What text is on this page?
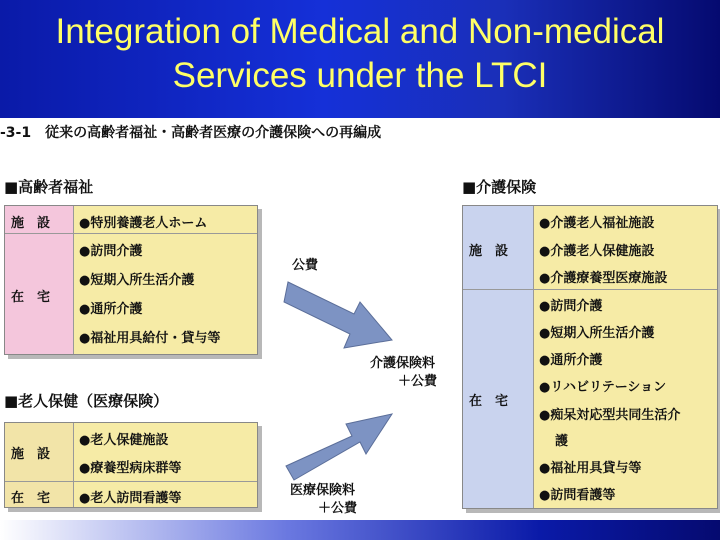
Integration of Medical and Non-medical
Services under the LTCI
-3-1　従来の高齢者福祉・高齢者医療の介護保険への再編成
■高齢者福祉
施　設
在　宅
●特別養護老人ホーム
●訪問介護
●短期入所生活介護
●通所介護
●福祉用具給付・貸与等
■老人保健（医療保険）
施　設
在　宅
●老人保健施設
●療養型病床群等
●老人訪問看護等
公費
介護保険料
＋公費
医療保険料
＋公費
■介護保険
施　設
在　宅
●介護老人福祉施設
●介護老人保健施設
●介護療養型医療施設
●訪問介護
●短期入所生活介護
●通所介護
●リハビリテーション
●痴呆対応型共同生活介
護
●福祉用具貸与等
●訪問看護等
